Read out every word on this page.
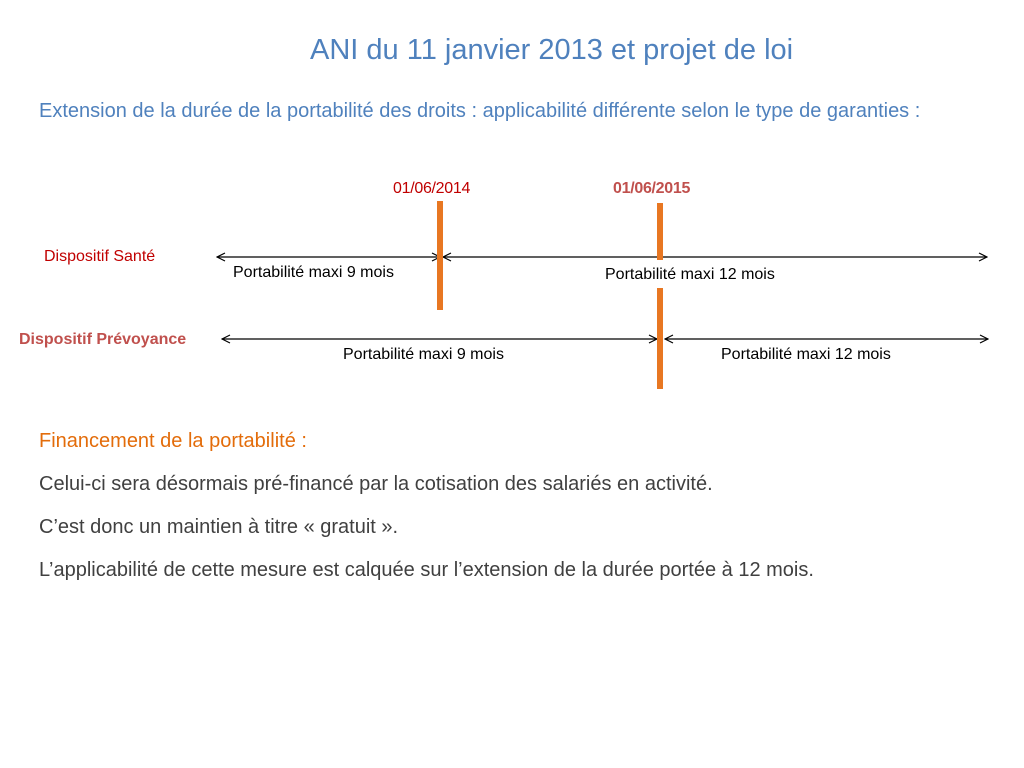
ANI du 11 janvier 2013 et projet de loi
Extension de la durée de la portabilité des droits : applicabilité différente selon le type de garanties :
01/06/2014	01/06/2015
Dispositif Santé
Dispositif Prévoyance
Portabilité maxi 9 mois	Portabilité maxi 12 mois
Portabilité maxi 9 mois	Portabilité maxi 12 mois
Financement de la portabilité :
Celui-ci sera désormais pré-financé par la cotisation des salariés en activité.
C’est donc un maintien à titre « gratuit ».
L’applicabilité de cette mesure est calquée sur l’extension de la durée portée à 12 mois.
